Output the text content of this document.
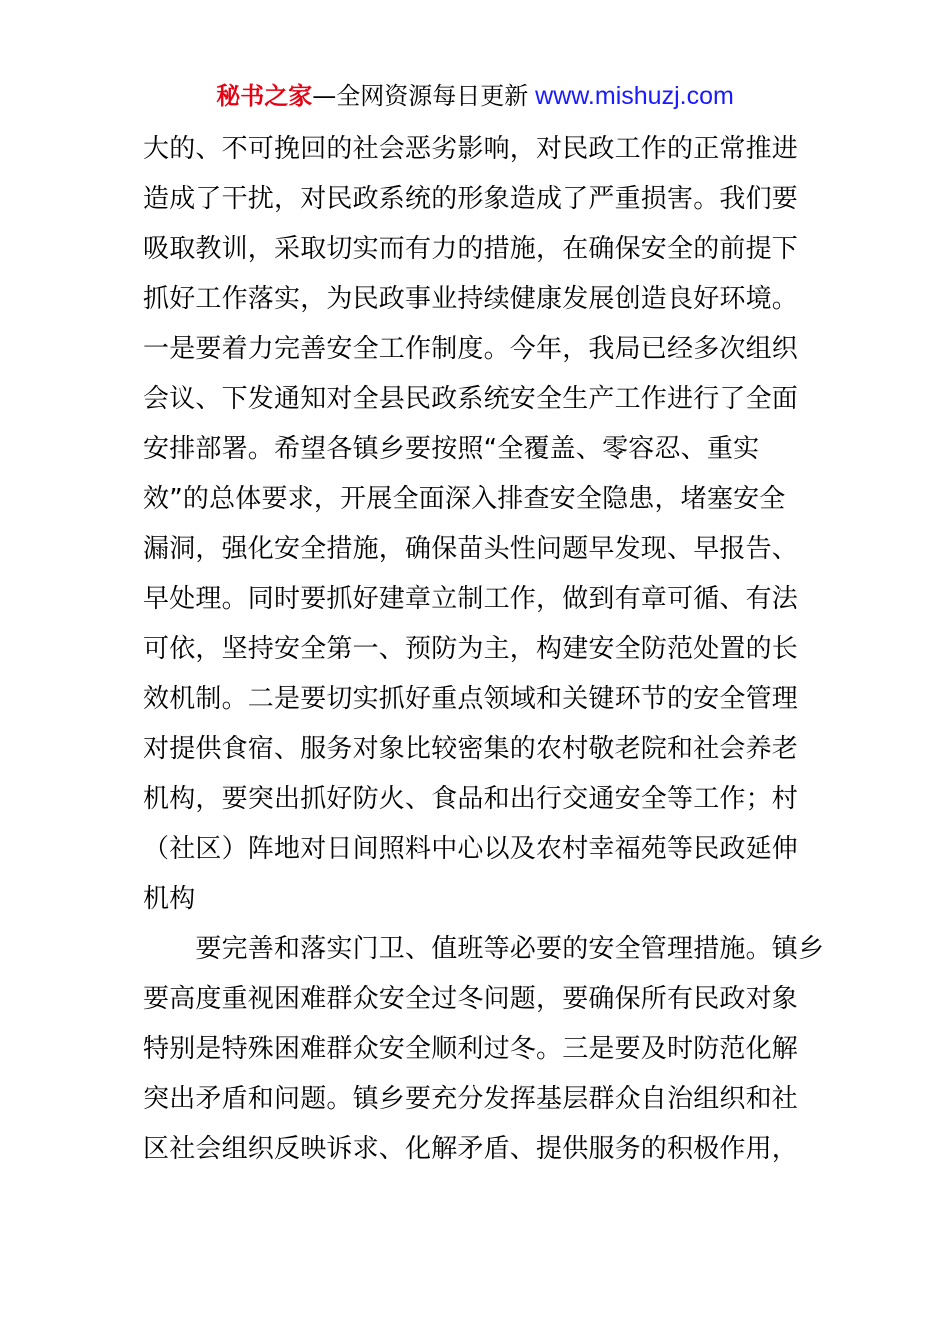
秘书之家—全网资源每日更新 www.mishuzj.com
大的、不可挽回的社会恶劣影响，对民政工作的正常推进
造成了干扰，对民政系统的形象造成了严重损害。我们要
吸取教训，采取切实而有力的措施，在确保安全的前提下
抓好工作落实，为民政事业持续健康发展创造良好环境。
一是要着力完善安全工作制度。今年，我局已经多次组织
会议、下发通知对全县民政系统安全生产工作进行了全面
安排部署。希望各镇乡要按照“全覆盖、零容忍、重实
效”的总体要求，开展全面深入排查安全隐患，堵塞安全
漏洞，强化安全措施，确保苗头性问题早发现、早报告、
早处理。同时要抓好建章立制工作，做到有章可循、有法
可依，坚持安全第一、预防为主，构建安全防范处置的长
效机制。二是要切实抓好重点领域和关键环节的安全管理
对提供食宿、服务对象比较密集的农村敬老院和社会养老
机构，要突出抓好防火、食品和出行交通安全等工作；村
（社区）阵地对日间照料中心以及农村幸福苑等民政延伸
机构
　　要完善和落实门卫、值班等必要的安全管理措施。镇乡
要高度重视困难群众安全过冬问题，要确保所有民政对象
特别是特殊困难群众安全顺利过冬。三是要及时防范化解
突出矛盾和问题。镇乡要充分发挥基层群众自治组织和社
区社会组织反映诉求、化解矛盾、提供服务的积极作用，
